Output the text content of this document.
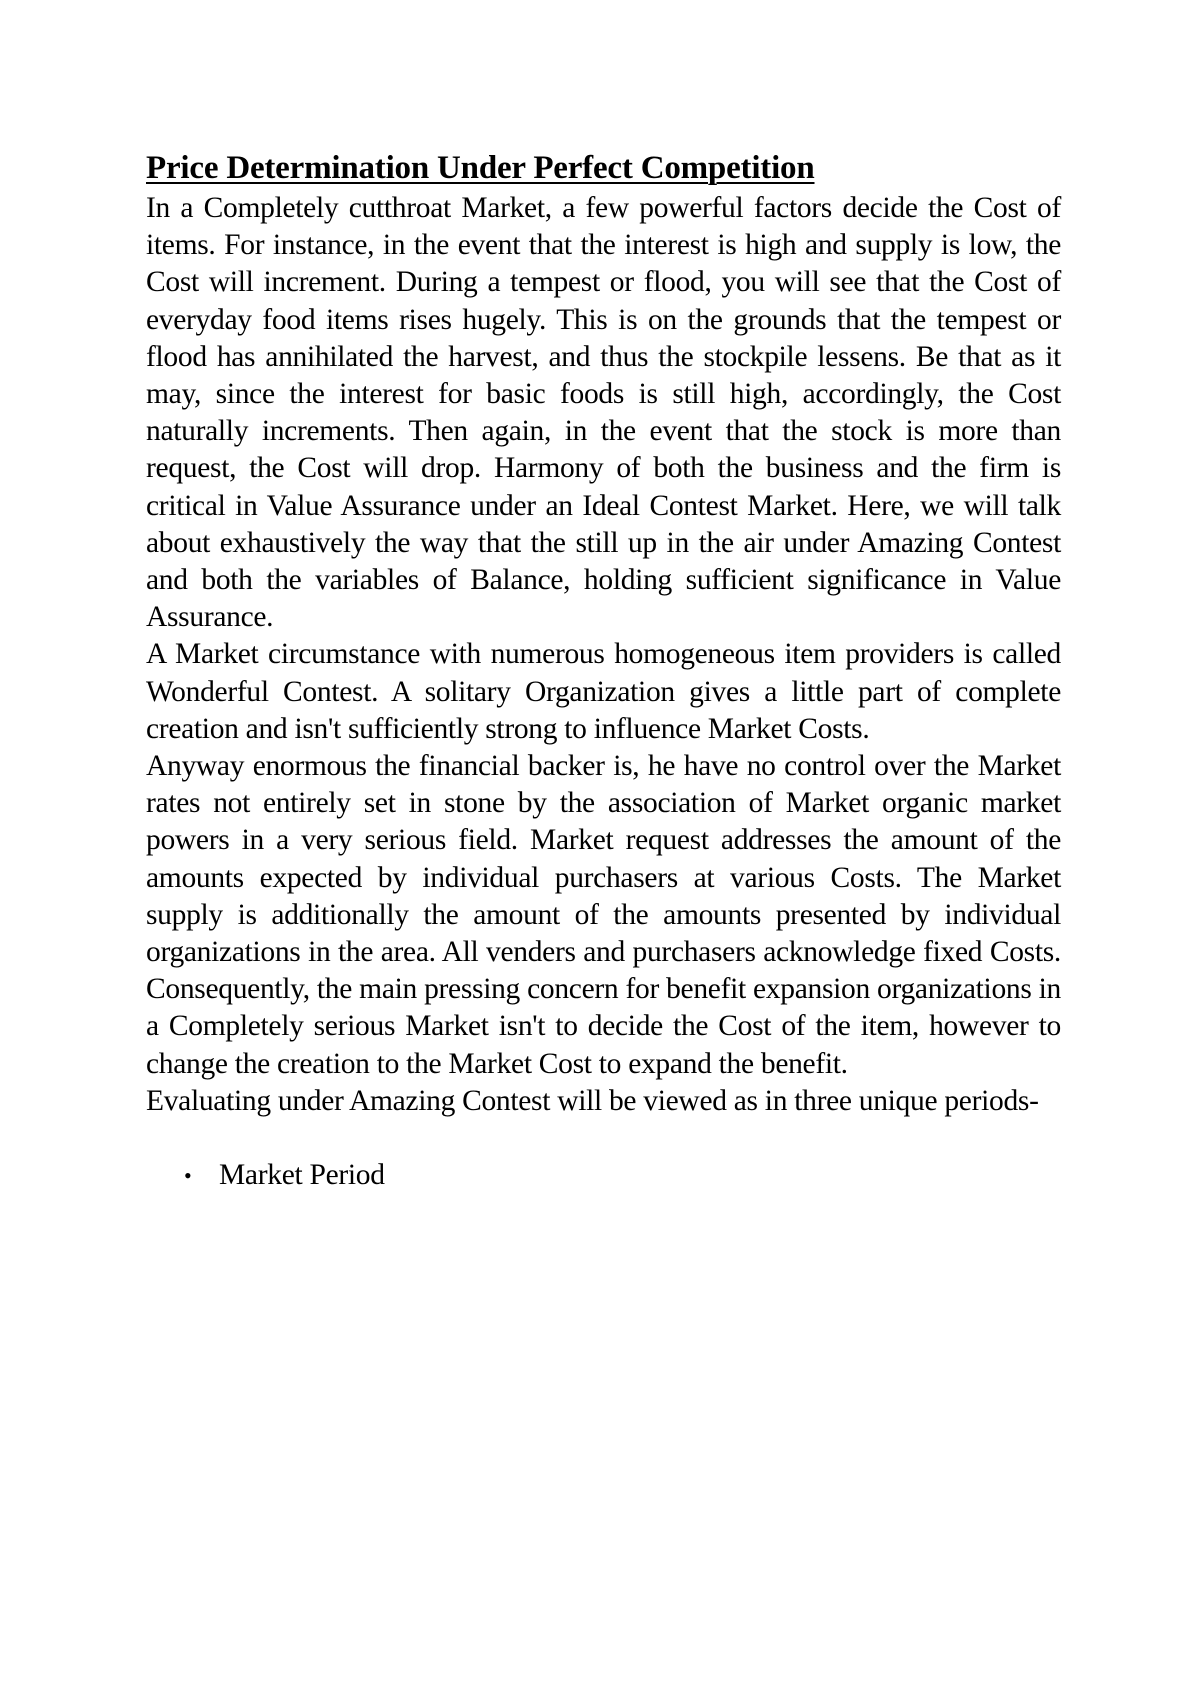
Price Determination Under Perfect Competition

In a Completely cutthroat Market, a few powerful factors decide the Cost of items. For instance, in the event that the interest is high and supply is low, the Cost will increment. During a tempest or flood, you will see that the Cost of everyday food items rises hugely. This is on the grounds that the tempest or flood has annihilated the harvest, and thus the stockpile lessens. Be that as it may, since the interest for basic foods is still high, accordingly, the Cost naturally increments. Then again, in the event that the stock is more than request, the Cost will drop. Harmony of both the business and the firm is critical in Value Assurance under an Ideal Contest Market. Here, we will talk about exhaustively the way that the still up in the air under Amazing Contest and both the variables of Balance, holding sufficient significance in Value Assurance.

A Market circumstance with numerous homogeneous item providers is called Wonderful Contest. A solitary Organization gives a little part of complete creation and isn't sufficiently strong to influence Market Costs.

Anyway enormous the financial backer is, he have no control over the Market rates not entirely set in stone by the association of Market organic market powers in a very serious field. Market request addresses the amount of the amounts expected by individual purchasers at various Costs. The Market supply is additionally the amount of the amounts presented by individual organizations in the area. All venders and purchasers acknowledge fixed Costs. Consequently, the main pressing concern for benefit expansion organizations in a Completely serious Market isn't to decide the Cost of the item, however to change the creation to the Market Cost to expand the benefit.

Evaluating under Amazing Contest will be viewed as in three unique periods-

• Market Period
